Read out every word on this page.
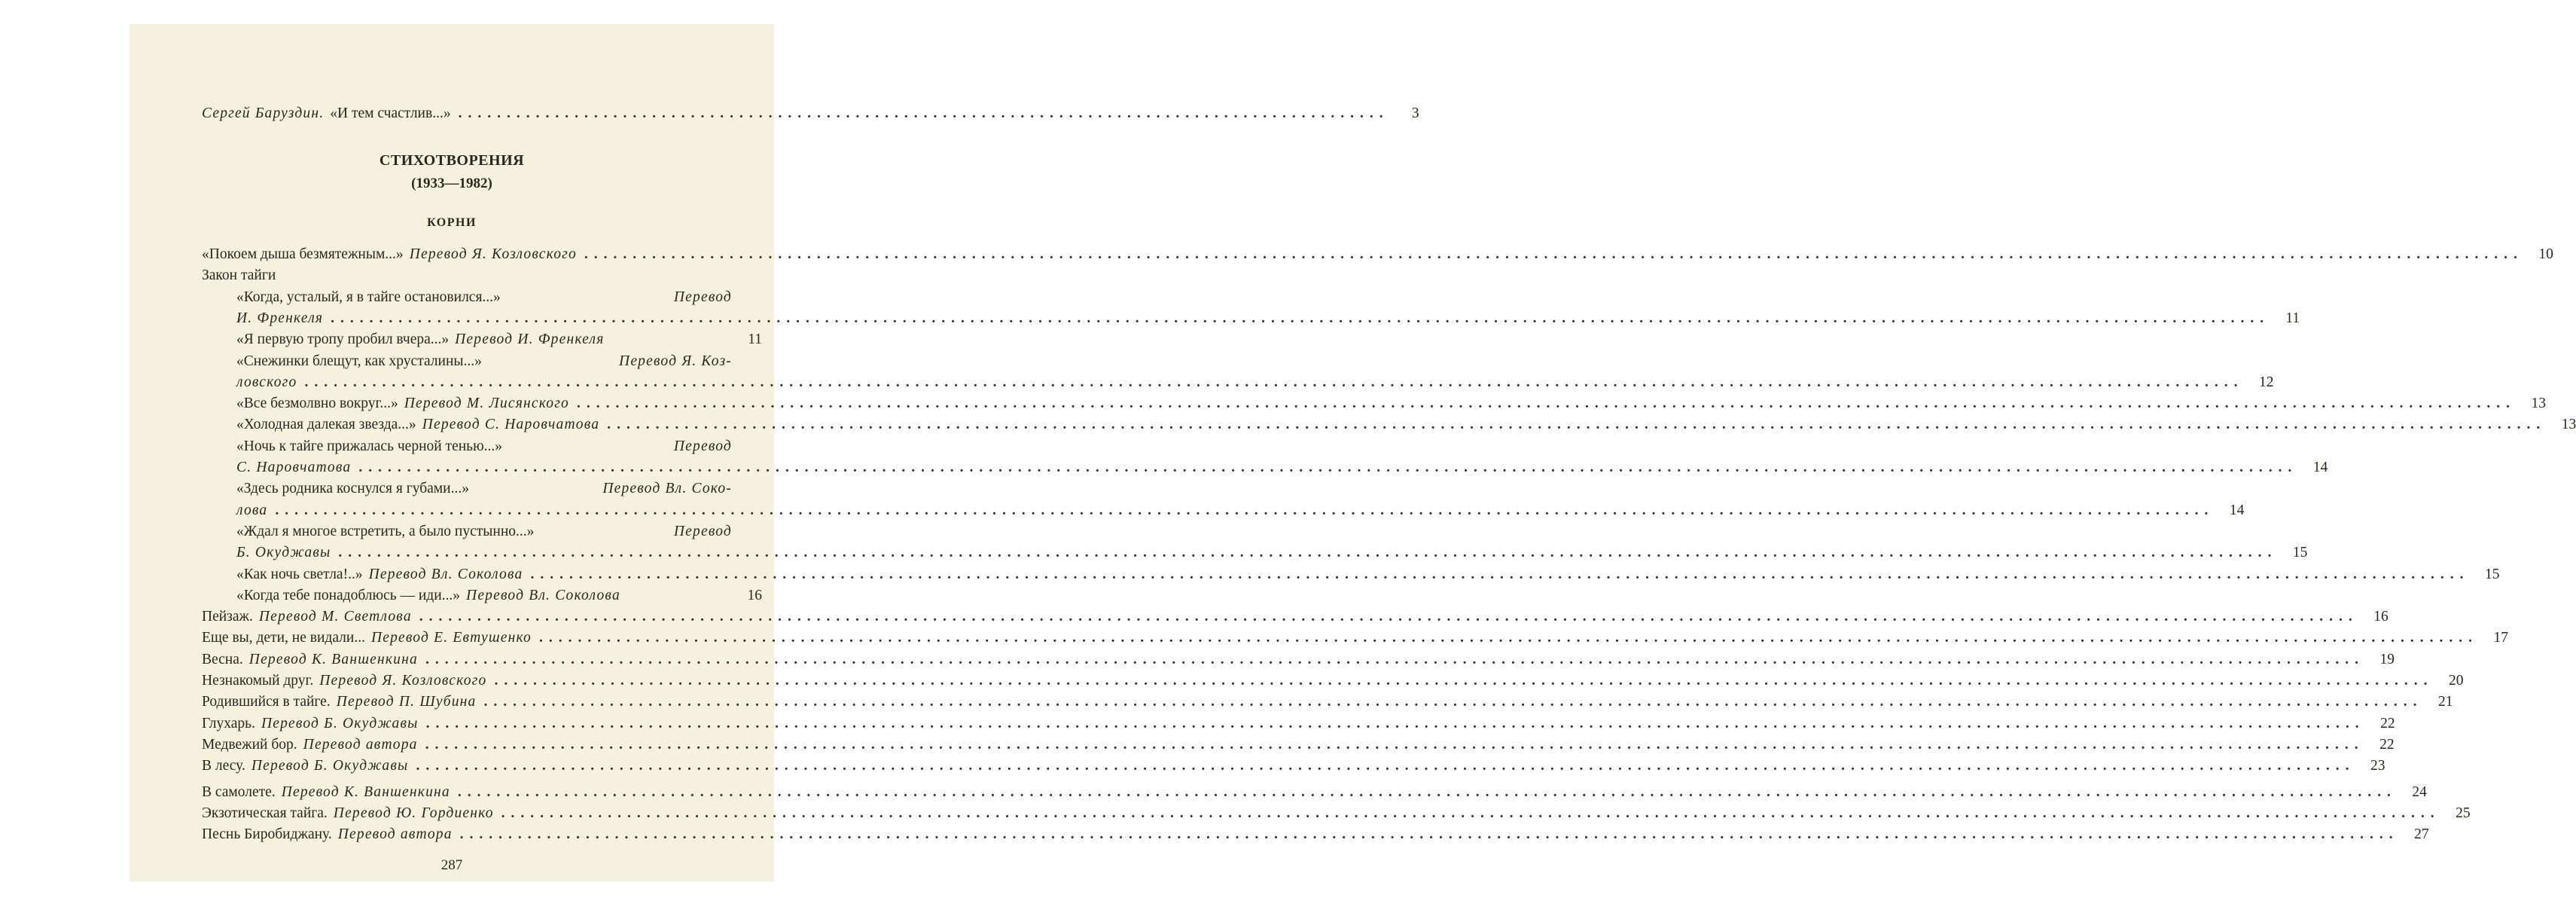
Сергей Баруздин. «И тем счастлив...» ................................................................................................	3
СТИХОТВОРЕНИЯ
(1933—1982)
КОРНИ
«Покоем дыша безмятежным...» Перевод Я. Козловского ........................................................................................................................................................................................................	10
Закон тайги
«Когда, усталый, я в тайге остановился...»	Перевод
И. Френкеля ........................................................................................................................................................................................................	11
«Я первую тропу пробил вчера...» Перевод И. Френкеля	11
«Снежинки блещут, как хрусталины...»	Перевод Я. Коз-
ловского ........................................................................................................................................................................................................	12
«Все безмолвно вокруг...» Перевод М. Лисянского ........................................................................................................................................................................................................	13
«Холодная далекая звезда...» Перевод С. Наровчатова ........................................................................................................................................................................................................	13
«Ночь к тайге прижалась черной тенью...»	Перевод
С. Наровчатова ........................................................................................................................................................................................................	14
«Здесь родника коснулся я губами...»	Перевод Вл. Соко-
лова ........................................................................................................................................................................................................	14
«Ждал я многое встретить, а было пустынно...»	Перевод
Б. Окуджавы ........................................................................................................................................................................................................	15
«Как ночь светла!..» Перевод Вл. Соколова ........................................................................................................................................................................................................	15
«Когда тебе понадоблюсь — иди...» Перевод Вл. Соколова	16
Пейзаж. Перевод М. Светлова ........................................................................................................................................................................................................	16
Еще вы, дети, не видали... Перевод Е. Евтушенко ........................................................................................................................................................................................................	17
Весна. Перевод К. Ваншенкина ........................................................................................................................................................................................................	19
Незнакомый друг. Перевод Я. Козловского ........................................................................................................................................................................................................	20
Родившийся в тайге. Перевод П. Шубина ........................................................................................................................................................................................................	21
Глухарь. Перевод Б. Окуджавы ........................................................................................................................................................................................................	22
Медвежий бор. Перевод автора ........................................................................................................................................................................................................	22
В лесу. Перевод Б. Окуджавы ........................................................................................................................................................................................................	23
В самолете. Перевод К. Ваншенкина ........................................................................................................................................................................................................	24
Экзотическая тайга. Перевод Ю. Гордиенко ........................................................................................................................................................................................................	25
Песнь Биробиджану. Перевод автора ........................................................................................................................................................................................................	27
287
